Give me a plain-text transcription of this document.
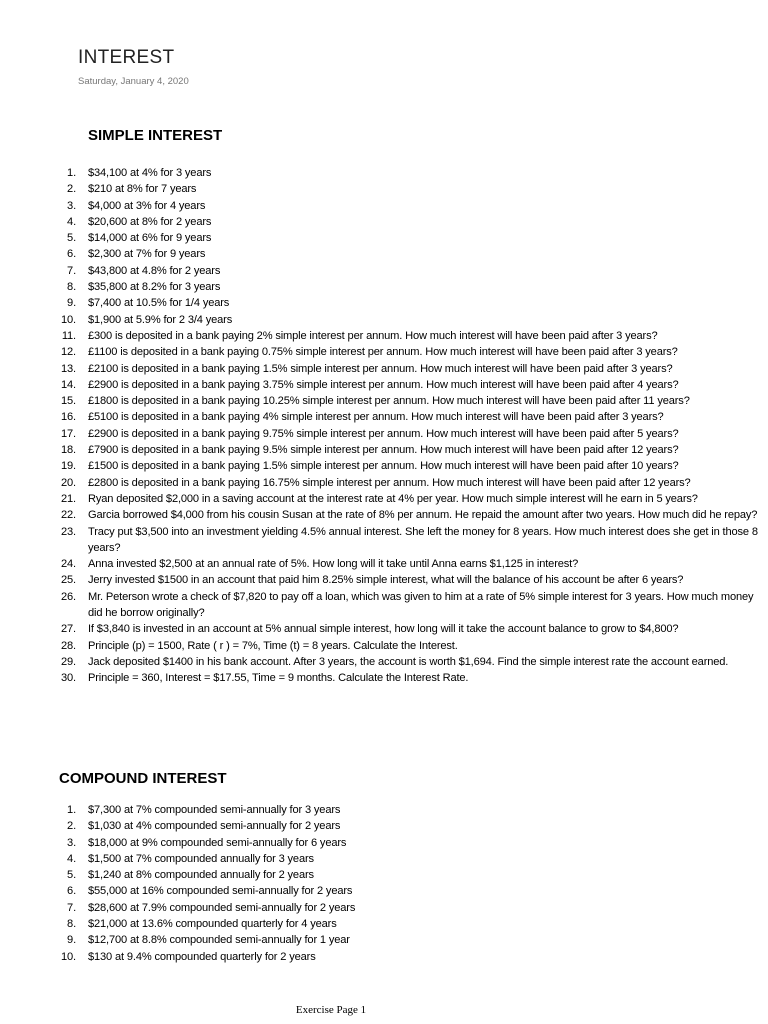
INTEREST
Saturday, January 4, 2020
SIMPLE INTEREST
1. $34,100 at 4% for 3 years
2. $210 at 8% for 7 years
3. $4,000 at 3% for 4 years
4. $20,600 at 8% for 2 years
5. $14,000 at 6% for 9 years
6. $2,300 at 7% for 9 years
7. $43,800 at 4.8% for 2 years
8. $35,800 at 8.2% for 3 years
9. $7,400 at 10.5% for 1/4 years
10. $1,900 at 5.9% for 2 3/4 years
11. £300 is deposited in a bank paying 2% simple interest per annum. How much interest will have been paid after 3 years?
12. £1100 is deposited in a bank paying 0.75% simple interest per annum. How much interest will have been paid after 3 years?
13. £2100 is deposited in a bank paying 1.5% simple interest per annum. How much interest will have been paid after 3 years?
14. £2900 is deposited in a bank paying 3.75% simple interest per annum. How much interest will have been paid after 4 years?
15. £1800 is deposited in a bank paying 10.25% simple interest per annum. How much interest will have been paid after 11 years?
16. £5100 is deposited in a bank paying 4% simple interest per annum. How much interest will have been paid after 3 years?
17. £2900 is deposited in a bank paying 9.75% simple interest per annum. How much interest will have been paid after 5 years?
18. £7900 is deposited in a bank paying 9.5% simple interest per annum. How much interest will have been paid after 12 years?
19. £1500 is deposited in a bank paying 1.5% simple interest per annum. How much interest will have been paid after 10 years?
20. £2800 is deposited in a bank paying 16.75% simple interest per annum. How much interest will have been paid after 12 years?
21. Ryan deposited $2,000 in a saving account at the interest rate at 4% per year. How much simple interest will he earn in 5 years?
22. Garcia borrowed $4,000 from his cousin Susan at the rate of 8% per annum. He repaid the amount after two years. How much did he repay?
23. Tracy put $3,500 into an investment yielding 4.5% annual interest. She left the money for 8 years. How much interest does she get in those 8 years?
24. Anna invested $2,500 at an annual rate of 5%. How long will it take until Anna earns $1,125 in interest?
25. Jerry invested $1500 in an account that paid him 8.25% simple interest, what will the balance of his account be after 6 years?
26. Mr. Peterson wrote a check of $7,820 to pay off a loan, which was given to him at a rate of 5% simple interest for 3 years. How much money did he borrow originally?
27. If $3,840 is invested in an account at 5% annual simple interest, how long will it take the account balance to grow to $4,800?
28. Principle (p) = 1500, Rate ( r ) = 7%, Time (t) = 8 years. Calculate the Interest.
29. Jack deposited $1400 in his bank account. After 3 years, the account is worth $1,694. Find the simple interest rate the account earned.
30. Principle = 360, Interest = $17.55, Time = 9 months. Calculate the Interest Rate.
COMPOUND INTEREST
1. $7,300 at 7% compounded semi-annually for 3 years
2. $1,030 at 4% compounded semi-annually for 2 years
3. $18,000 at 9% compounded semi-annually for 6 years
4. $1,500 at 7% compounded annually for 3 years
5. $1,240 at 8% compounded annually for 2 years
6. $55,000 at 16% compounded semi-annually for 2 years
7. $28,600 at 7.9% compounded semi-annually for 2 years
8. $21,000 at 13.6% compounded quarterly for 4 years
9. $12,700 at 8.8% compounded semi-annually for 1 year
10. $130 at 9.4% compounded quarterly for 2 years
Exercise Page 1
